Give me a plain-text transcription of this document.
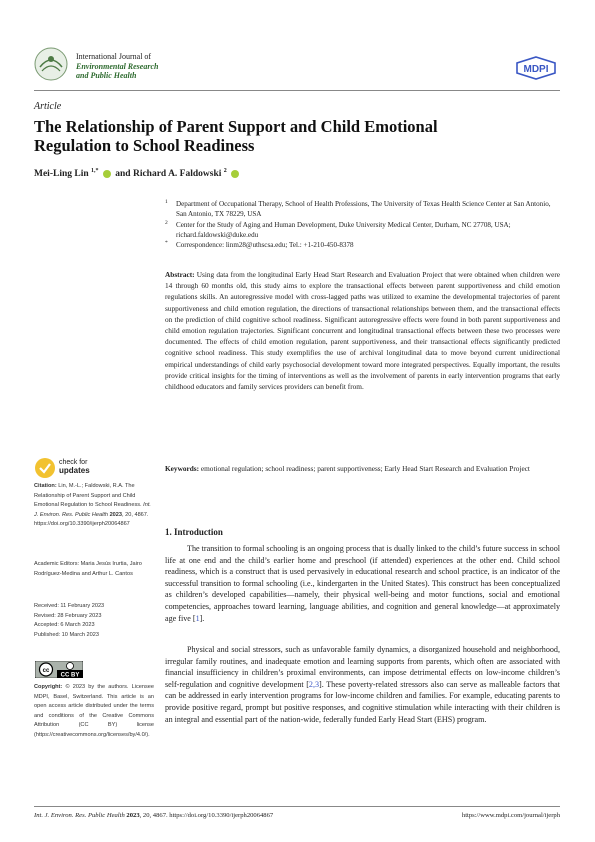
International Journal of
Environmental Research
and Public Health
MDPI
Article
The Relationship of Parent Support and Child Emotional Regulation to School Readiness
Mei-Ling Lin $^{1,*}$ and Richard A. Faldowski $^2$
1 Department of Occupational Therapy, School of Health Professions, The University of Texas Health Science Center at San Antonio, San Antonio, TX 78229, USA
2 Center for the Study of Aging and Human Development, Duke University Medical Center, Durham, NC 27708, USA; richard.faldowski@duke.edu
* Correspondence: linm28@uthscsa.edu; Tel.: +1-210-450-8378
Abstract: Using data from the longitudinal Early Head Start Research and Evaluation Project that were obtained when children were 14 through 60 months old, this study aims to explore the transactional effects between parent supportiveness and child emotion regulations skills. An autoregressive model with cross-lagged paths was utilized to examine the developmental trajectories of parent supportiveness and child emotion regulation, the directions of transactional relationships between them, and the transactional effects on the prediction of child cognitive school readiness. Significant autoregressive effects were found in both parent supportiveness and child emotion regulation trajectories. Significant concurrent and longitudinal transactional effects between these two processes were documented. The effects of child emotion regulation, parent supportiveness, and their transactional effects significantly predicted cognitive school readiness. This study exemplifies the use of archival longitudinal data to move beyond current unidirectional empirical understandings of child early psychosocial development toward more integrated perspectives. Equally important, the results provide critical insights for the timing of interventions as well as the involvement of parents in early intervention programs that early childhood educators and family services providers can benefit from.
Keywords: emotional regulation; school readiness; parent supportiveness; Early Head Start Research and Evaluation Project
check for
updates
Citation: Lin, M.-L.; Faldowski, R.A. The Relationship of Parent Support and Child Emotional Regulation to School Readiness. Int. J. Environ. Res. Public Health 2023, 20, 4867. https://doi.org/10.3390/ijerph20064867
Academic Editors: Maria Jesús Irurtia, Jairo Rodríguez-Medina and Arthur L. Cantos
Received: 11 February 2023
Revised: 28 February 2023
Accepted: 6 March 2023
Published: 10 March 2023
cc
CC BY
Copyright: © 2023 by the authors. Licensee MDPI, Basel, Switzerland. This article is an open access article distributed under the terms and conditions of the Creative Commons Attribution (CC BY) license (https://creativecommons.org/licenses/by/4.0/).
1. Introduction
The transition to formal schooling is an ongoing process that is dually linked to the child’s future success in school life at one end and the child’s earlier home and preschool (if attended) experiences at the other end. Child school readiness, which is a construct that is used pervasively in educational research and school practice, is an indicator of the successful transition to formal schooling (i.e., kindergarten in the United States). This construct has been conceptualized as children’s developed capabilities—namely, their physical well-being and motor functions, social and emotional competencies, approaches toward learning, language abilities, and cognition and general knowledge—at approximately age five [1].
Physical and social stressors, such as unfavorable family dynamics, a disorganized household and neighborhood, irregular family routines, and inadequate emotion and learning supports from parents, which often are associated with financial insufficiency in children’s proximal environments, can impose detrimental effects on low-income children’s self-regulation and cognitive development [2,3]. These poverty-related stressors also can serve as malleable factors that can be addressed in early intervention programs for low-income children and families. For example, educating parents to provide positive regard, prompt but positive responses, and cognitive stimulation while interacting with their children is an integral and essential part of the nation-wide, federally funded Early Head Start (EHS) program.
Int. J. Environ. Res. Public Health 2023, 20, 4867. https://doi.org/10.3390/ijerph20064867	https://www.mdpi.com/journal/ijerph
